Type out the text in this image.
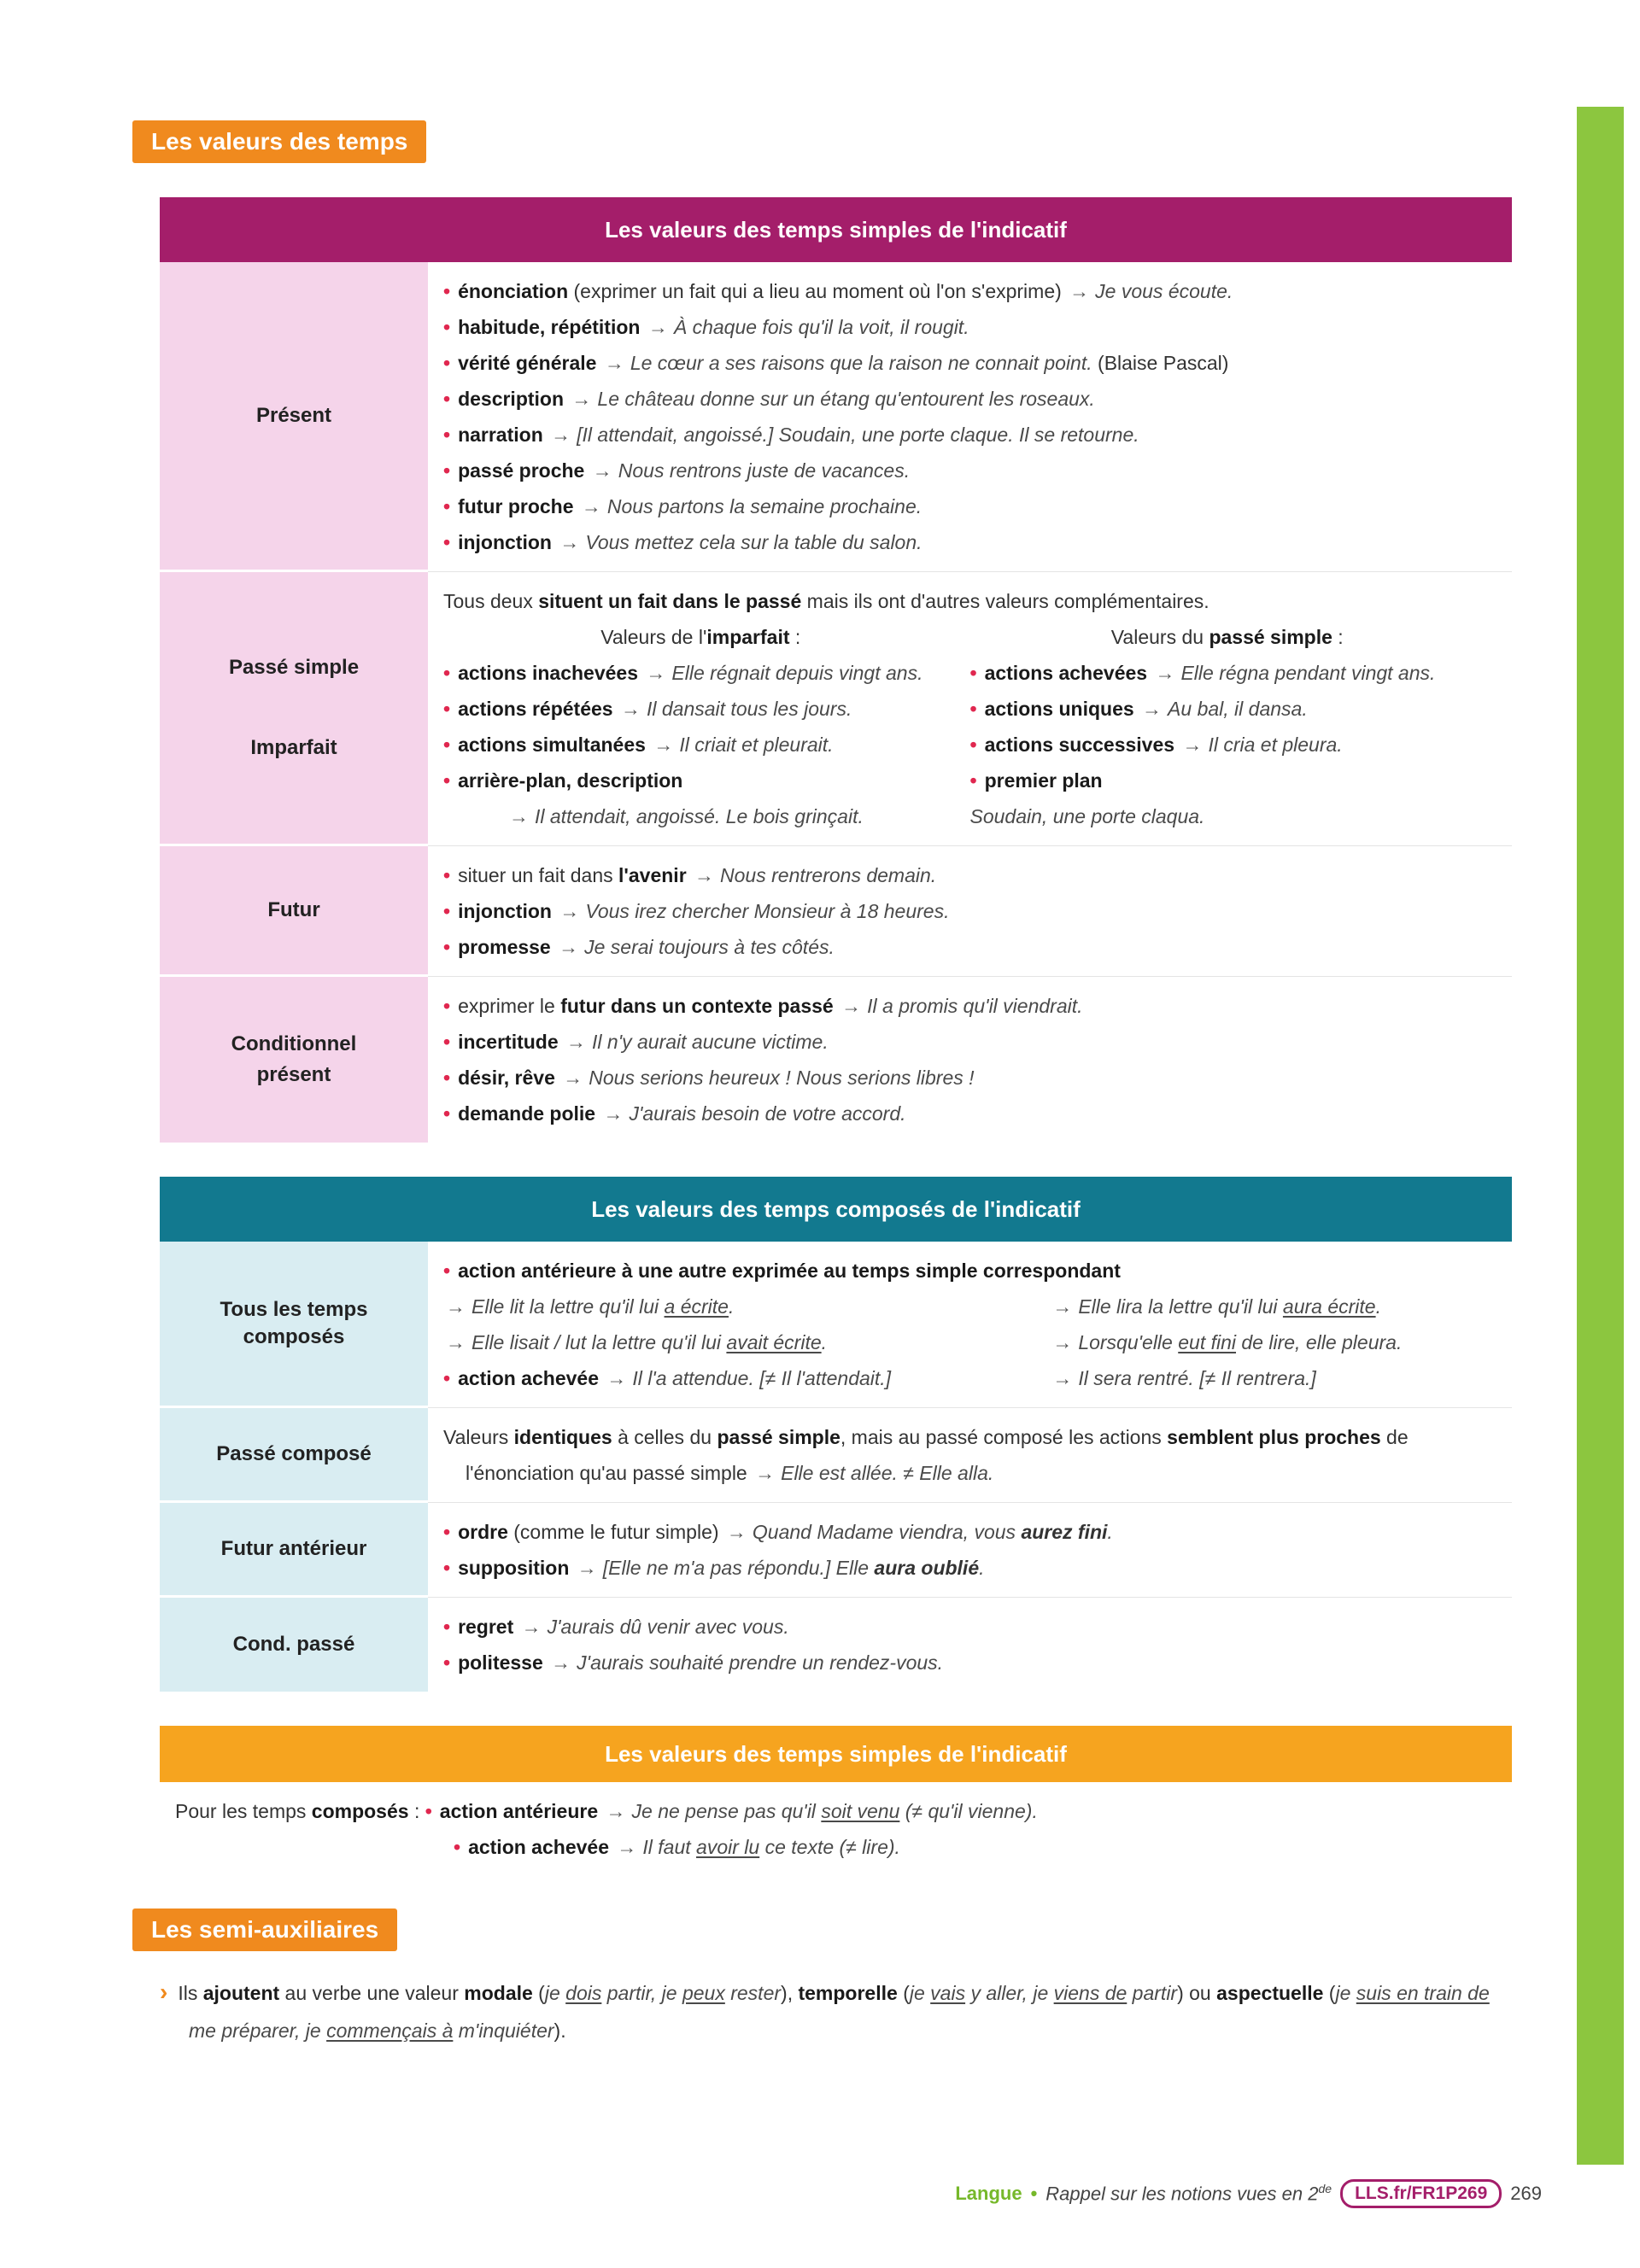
Les valeurs des temps
Les valeurs des temps simples de l'indicatif
Présent
• énonciation (exprimer un fait qui a lieu au moment où l'on s'exprime) → Je vous écoute.
• habitude, répétition → À chaque fois qu'il la voit, il rougit.
• vérité générale → Le cœur a ses raisons que la raison ne connait point. (Blaise Pascal)
• description → Le château donne sur un étang qu'entourent les roseaux.
• narration → [Il attendait, angoissé.] Soudain, une porte claque. Il se retourne.
• passé proche → Nous rentrons juste de vacances.
• futur proche → Nous partons la semaine prochaine.
• injonction → Vous mettez cela sur la table du salon.
Passé simple
Imparfait
Tous deux situent un fait dans le passé mais ils ont d'autres valeurs complémentaires.
Valeurs de l'imparfait :
• actions inachevées → Elle régnait depuis vingt ans.
• actions répétées → Il dansait tous les jours.
• actions simultanées → Il criait et pleurait.
• arrière-plan, description
→ Il attendait, angoissé. Le bois grinçait.
Valeurs du passé simple :
• actions achevées → Elle régna pendant vingt ans.
• actions uniques → Au bal, il dansa.
• actions successives → Il cria et pleura.
• premier plan
Soudain, une porte claqua.
Futur
• situer un fait dans l'avenir → Nous rentrerons demain.
• injonction → Vous irez chercher Monsieur à 18 heures.
• promesse → Je serai toujours à tes côtés.
Conditionnel
présent
• exprimer le futur dans un contexte passé → Il a promis qu'il viendrait.
• incertitude → Il n'y aurait aucune victime.
• désir, rêve → Nous serions heureux ! Nous serions libres !
• demande polie → J'aurais besoin de votre accord.
Les valeurs des temps composés de l'indicatif
Tous les temps
composés
• action antérieure à une autre exprimée au temps simple correspondant
→ Elle lit la lettre qu'il lui a écrite.	→ Elle lira la lettre qu'il lui aura écrite.
→ Elle lisait / lut la lettre qu'il lui avait écrite.	→ Lorsqu'elle eut fini de lire, elle pleura.
• action achevée → Il l'a attendue. [≠ Il l'attendait.]	→ Il sera rentré. [≠ Il rentrera.]
Passé composé
Valeurs identiques à celles du passé simple, mais au passé composé les actions semblent plus proches de l'énonciation qu'au passé simple → Elle est allée. ≠ Elle alla.
Futur antérieur
• ordre (comme le futur simple) → Quand Madame viendra, vous aurez fini.
• supposition → [Elle ne m'a pas répondu.] Elle aura oublié.
Cond. passé
• regret → J'aurais dû venir avec vous.
• politesse → J'aurais souhaité prendre un rendez-vous.
Les valeurs des temps simples de l'indicatif
Pour les temps composés : • action antérieure → Je ne pense pas qu'il soit venu (≠ qu'il vienne).
• action achevée → Il faut avoir lu ce texte (≠ lire).
Les semi-auxiliaires
› Ils ajoutent au verbe une valeur modale (je dois partir, je peux rester), temporelle (je vais y aller, je viens de partir) ou aspectuelle (je suis en train de me préparer, je commençais à m'inquiéter).
Langue • Rappel sur les notions vues en 2de	LLS.fr/FR1P269	269
